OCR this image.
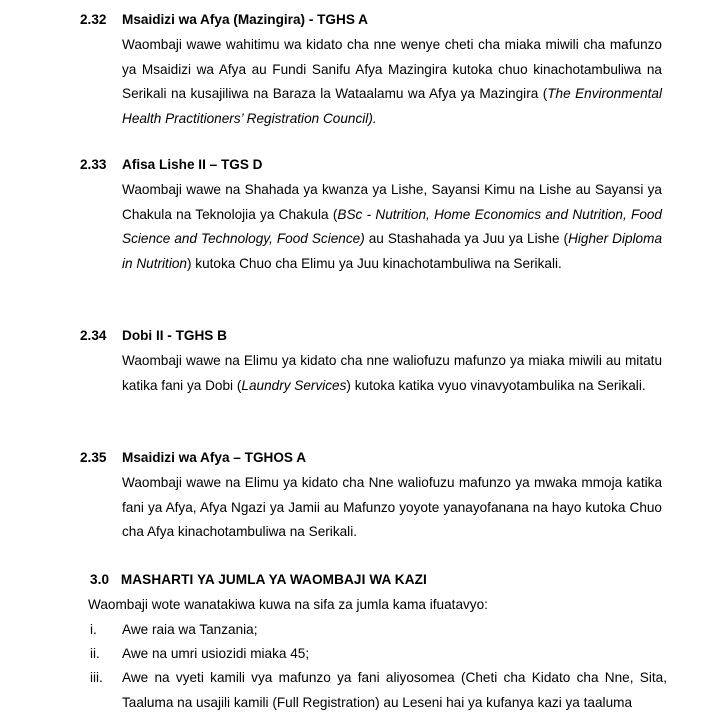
2.32 Msaidizi wa Afya (Mazingira) - TGHS A
Waombaji wawe wahitimu wa kidato cha nne wenye cheti cha miaka miwili cha mafunzo ya Msaidizi wa Afya au Fundi Sanifu Afya Mazingira kutoka chuo kinachotambuliwa na Serikali na kusajiliwa na Baraza la Wataalamu wa Afya ya Mazingira (The Environmental Health Practitioners’ Registration Council).
2.33 Afisa Lishe II – TGS D
Waombaji wawe na Shahada ya kwanza ya Lishe, Sayansi Kimu na Lishe au Sayansi ya Chakula na Teknolojia ya Chakula (BSc - Nutrition, Home Economics and Nutrition, Food Science and Technology, Food Science) au Stashahada ya Juu ya Lishe (Higher Diploma in Nutrition) kutoka Chuo cha Elimu ya Juu kinachotambuliwa na Serikali.
2.34 Dobi II - TGHS B
Waombaji wawe na Elimu ya kidato cha nne waliofuzu mafunzo ya miaka miwili au mitatu katika fani ya Dobi (Laundry Services) kutoka katika vyuo vinavyotambulika na Serikali.
2.35 Msaidizi wa Afya – TGHOS A
Waombaji wawe na Elimu ya kidato cha Nne waliofuzu mafunzo ya mwaka mmoja katika fani ya Afya, Afya Ngazi ya Jamii au Mafunzo yoyote yanayofanana na hayo kutoka Chuo cha Afya kinachotambuliwa na Serikali.
3.0 MASHARTI YA JUMLA YA WAOMBAJI WA KAZI
Waombaji wote wanatakiwa kuwa na sifa za jumla kama ifuatavyo:
i. Awe raia wa Tanzania;
ii. Awe na umri usiozidi miaka 45;
iii. Awe na vyeti kamili vya mafunzo ya fani aliyosomea (Cheti cha Kidato cha Nne, Sita, Taaluma na usajili kamili (Full Registration) au Leseni hai ya kufanya kazi ya taaluma
